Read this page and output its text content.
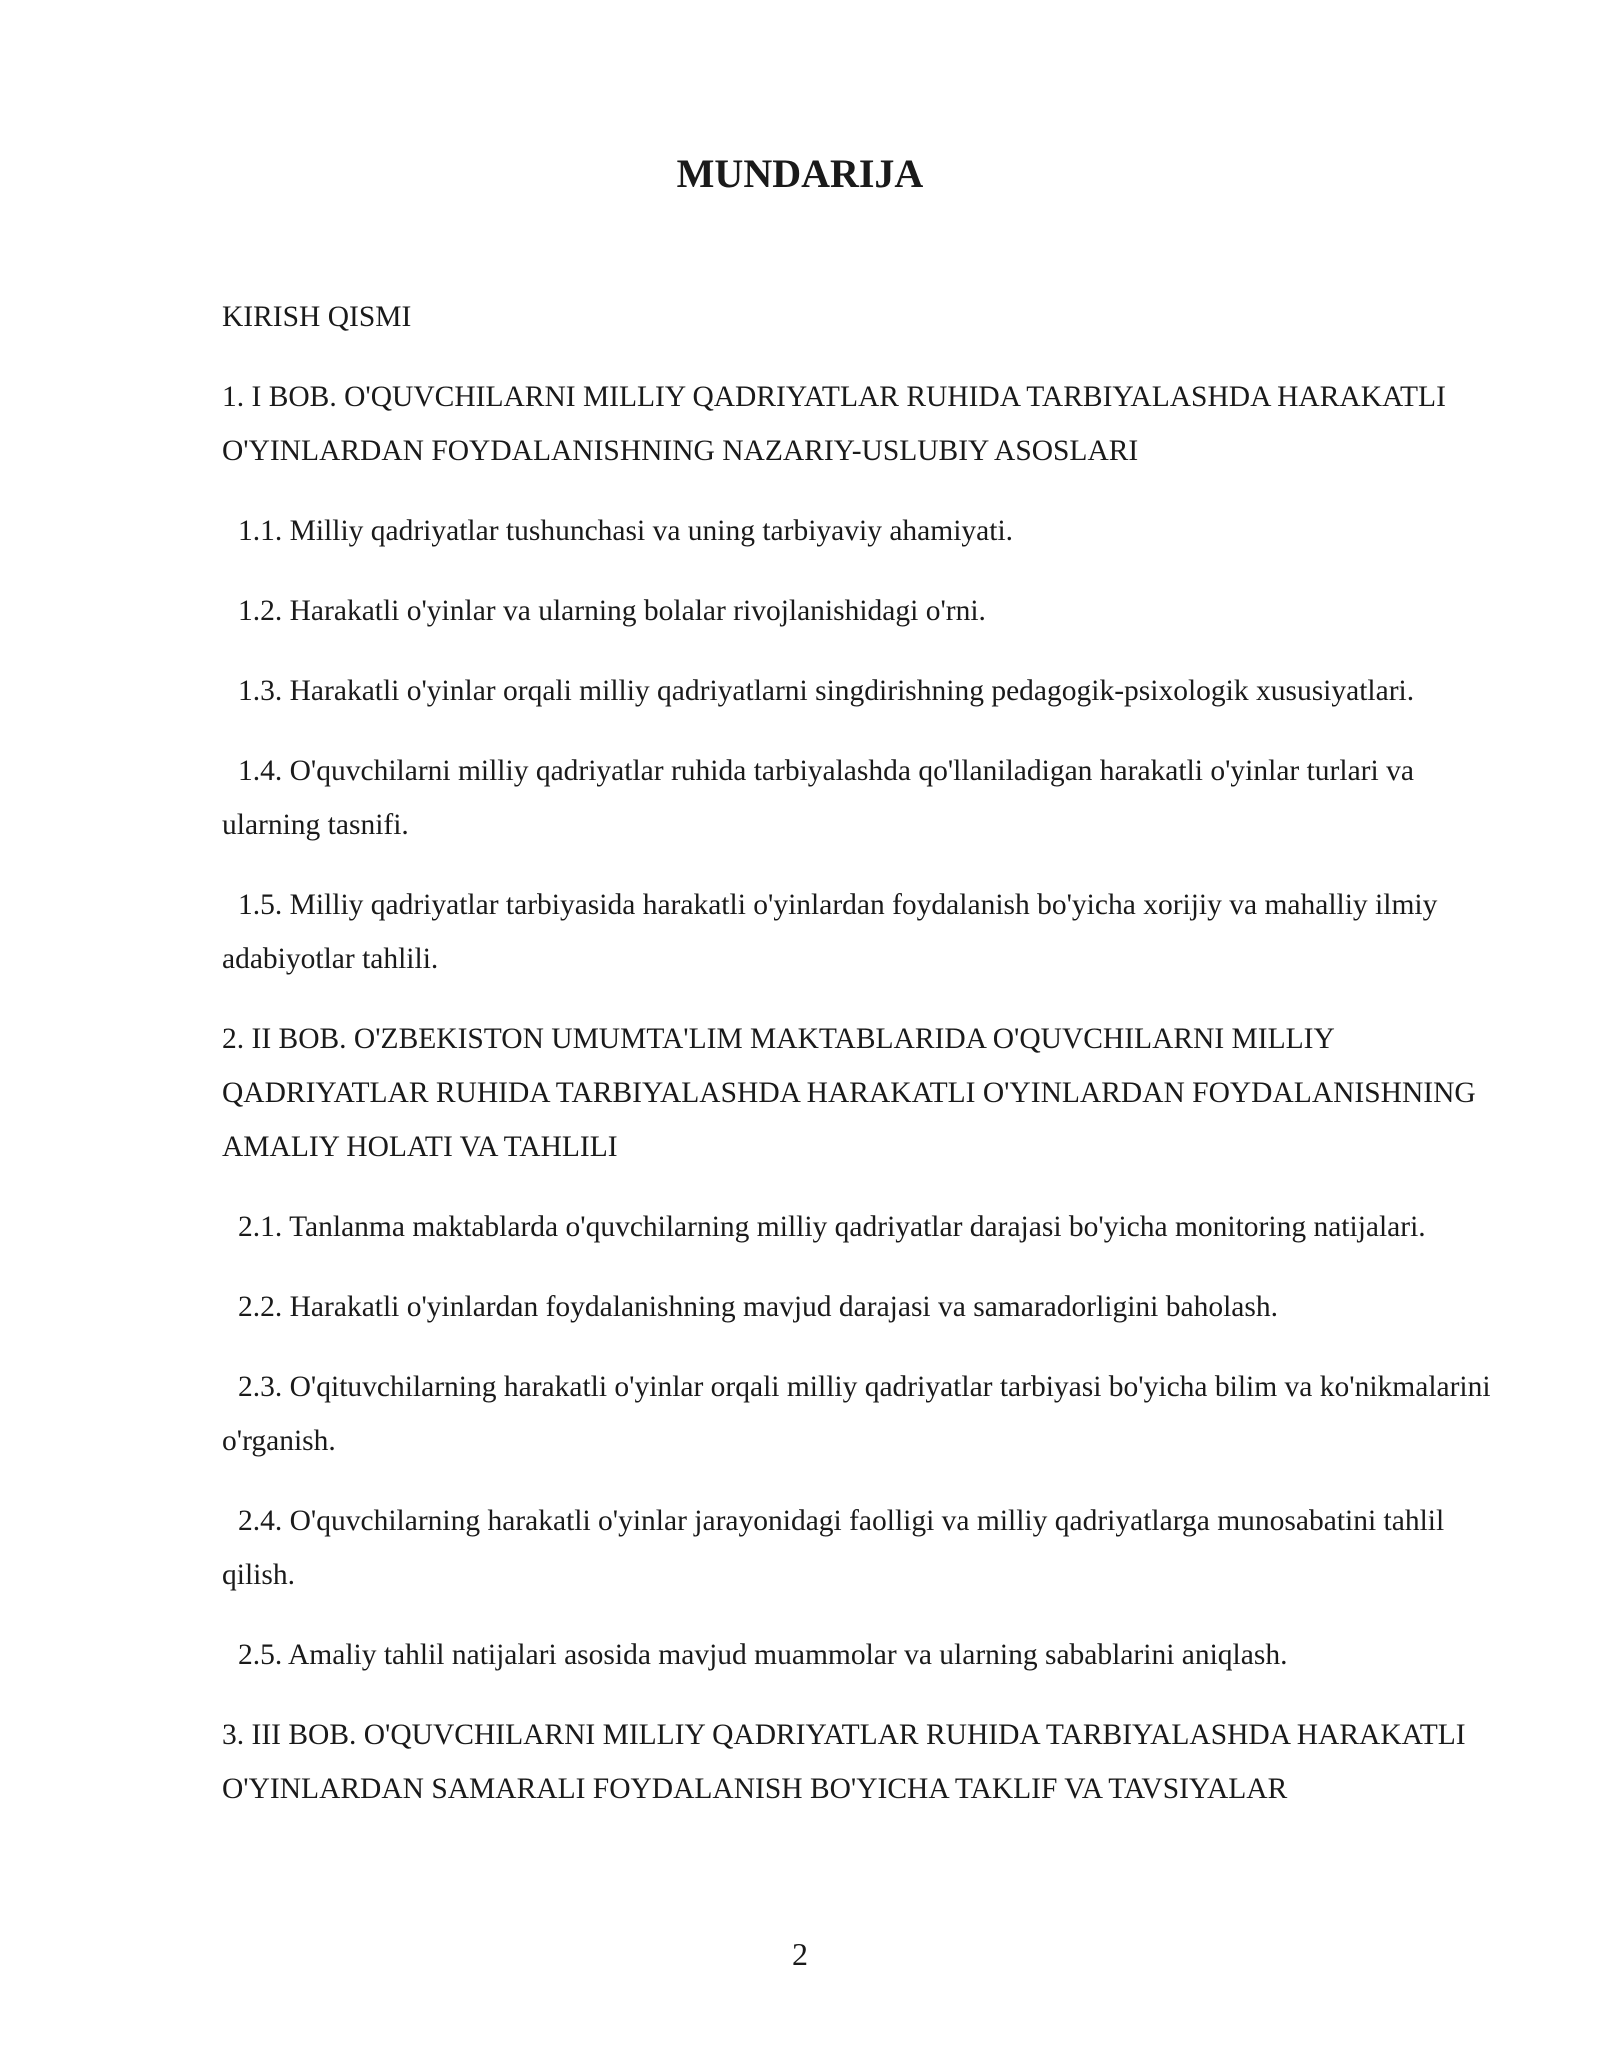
MUNDARIJA

KIRISH QISMI

1. I BOB. O'QUVCHILARNI MILLIY QADRIYATLAR RUHIDA TARBIYALASHDA HARAKATLI O'YINLARDAN FOYDALANISHNING NAZARIY-USLUBIY ASOSLARI

1.1. Milliy qadriyatlar tushunchasi va uning tarbiyaviy ahamiyati.

1.2. Harakatli o'yinlar va ularning bolalar rivojlanishidagi o'rni.

1.3. Harakatli o'yinlar orqali milliy qadriyatlarni singdirishning pedagogik-psixologik xususiyatlari.

1.4. O'quvchilarni milliy qadriyatlar ruhida tarbiyalashda qo'llaniladigan harakatli o'yinlar turlari va ularning tasnifi.

1.5. Milliy qadriyatlar tarbiyasida harakatli o'yinlardan foydalanish bo'yicha xorijiy va mahalliy ilmiy adabiyotlar tahlili.

2. II BOB. O'ZBEKISTON UMUMTA'LIM MAKTABLARIDA O'QUVCHILARNI MILLIY QADRIYATLAR RUHIDA TARBIYALASHDA HARAKATLI O'YINLARDAN FOYDALANISHNING AMALIY HOLATI VA TAHLILI

2.1. Tanlanma maktablarda o'quvchilarning milliy qadriyatlar darajasi bo'yicha monitoring natijalari.

2.2. Harakatli o'yinlardan foydalanishning mavjud darajasi va samaradorligini baholash.

2.3. O'qituvchilarning harakatli o'yinlar orqali milliy qadriyatlar tarbiyasi bo'yicha bilim va ko'nikmalarini o'rganish.

2.4. O'quvchilarning harakatli o'yinlar jarayonidagi faolligi va milliy qadriyatlarga munosabatini tahlil qilish.

2.5. Amaliy tahlil natijalari asosida mavjud muammolar va ularning sabablarini aniqlash.

3. III BOB. O'QUVCHILARNI MILLIY QADRIYATLAR RUHIDA TARBIYALASHDA HARAKATLI O'YINLARDAN SAMARALI FOYDALANISH BO'YICHA TAKLIF VA TAVSIYALAR

2
